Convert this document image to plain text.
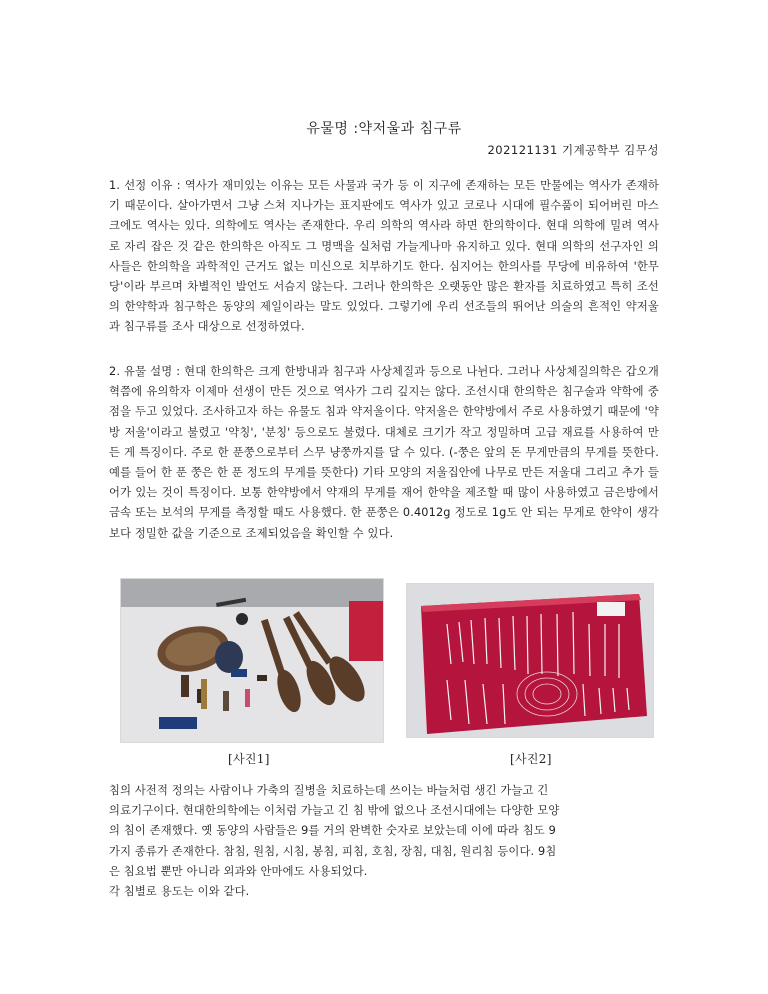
유물명 :약저울과 침구류
202121131 기계공학부 김무성

1. 선정 이유 : 역사가 재미있는 이유는 모든 사물과 국가 등 이 지구에 존재하는 모든 만물에는 역사가 존재하기 때문이다. 살아가면서 그냥 스쳐 지나가는 표지판에도 역사가 있고 코로나 시대에 필수품이 되어버린 마스크에도 역사는 있다. 의학에도 역사는 존재한다. 우리 의학의 역사라 하면 한의학이다. 현대 의학에 밀려 역사로 자리 잡은 것 같은 한의학은 아직도 그 명맥을 실처럼 가늘게나마 유지하고 있다. 현대 의학의 선구자인 의사들은 한의학을 과학적인 근거도 없는 미신으로 치부하기도 한다. 심지어는 한의사를 무당에 비유하여 '한무당'이라 부르며 차별적인 발언도 서슴지 않는다. 그러나 한의학은 오랫동안 많은 환자를 치료하였고 특히 조선의 한약학과 침구학은 동양의 제일이라는 말도 있었다. 그렇기에 우리 선조들의 뛰어난 의술의 흔적인 약저울과 침구류를 조사 대상으로 선정하였다.

2. 유물 설명 : 현대 한의학은 크게 한방내과 침구과 사상체질과 등으로 나뉜다. 그러나 사상체질의학은 갑오개혁쯤에 유의학자 이제마 선생이 만든 것으로 역사가 그리 깊지는 않다. 조선시대 한의학은 침구술과 약학에 중점을 두고 있었다. 조사하고자 하는 유물도 침과 약저울이다. 약저울은 한약방에서 주로 사용하였기 때문에 '약방 저울'이라고 불렸고 '약칭', '분칭' 등으로도 불렸다. 대체로 크기가 작고 정밀하며 고급 재료를 사용하여 만든 게 특징이다. 주로 한 푼쭝으로부터 스무 냥쭝까지를 달 수 있다. (-쭝은 앞의 돈 무게만큼의 무게를 뜻한다. 예를 들어 한 푼 쭝은 한 푼 정도의 무게를 뜻한다) 기타 모양의 저울집안에 나무로 만든 저울대 그리고 추가 들어가 있는 것이 특징이다. 보통 한약방에서 약재의 무게를 재어 한약을 제조할 때 많이 사용하였고 금은방에서 금속 또는 보석의 무게를 측정할 때도 사용했다. 한 푼쭝은 0.4012g 정도로 1g도 안 되는 무게로 한약이 생각보다 정밀한 값을 기준으로 조제되었음을 확인할 수 있다.

[사진1]	[사진2]
침의 사전적 정의는 사람이나 가축의 질병을 치료하는데 쓰이는 바늘처럼 생긴 가늘고 긴
의료기구이다. 현대한의학에는 이처럼 가늘고 긴 침 밖에 없으나 조선시대에는 다양한 모양
의 침이 존재했다. 옛 동양의 사람들은 9를 거의 완벽한 숫자로 보았는데 이에 따라 침도 9
가지 종류가 존재한다. 참침, 원침, 시침, 봉침, 피침, 호침, 장침, 대침, 원리침 등이다. 9침
은 침요법 뿐만 아니라 외과와 안마에도 사용되었다.
각 침별로 용도는 이와 같다.
